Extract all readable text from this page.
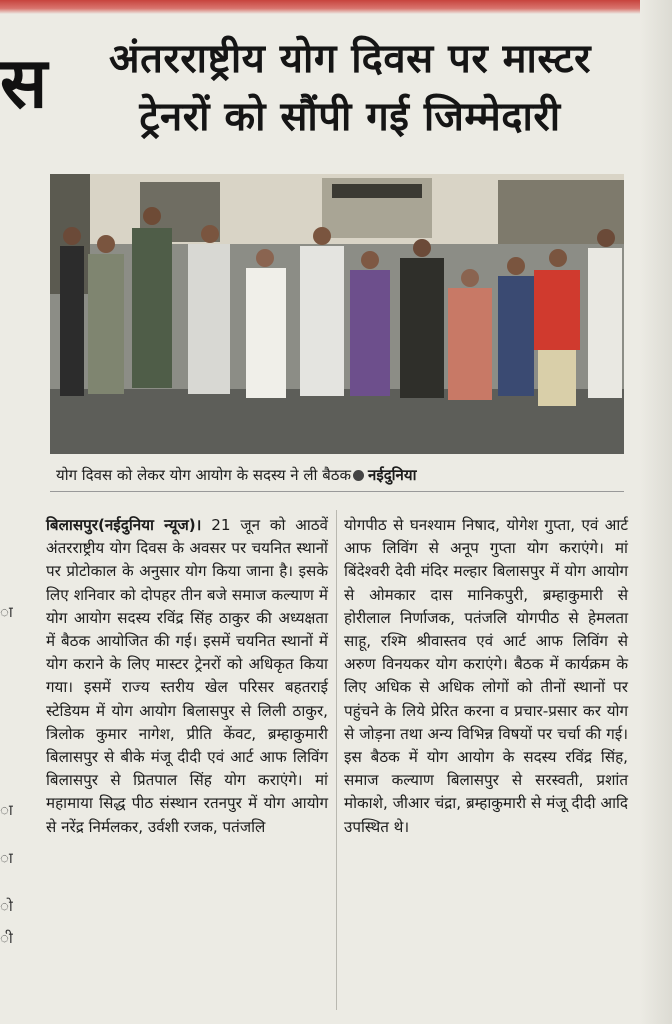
स
ा
ा
ा
ो
ी
अंतरराष्ट्रीय योग दिवस पर मास्टर
ट्रेनरों को सौंपी गई जिम्मेदारी
योग दिवस को लेकर योग आयोग के सदस्य ने ली बैठक नईदुनिया
बिलासपुर(नईदुनिया न्यूज)। 21 जून को आठवें अंतरराष्ट्रीय योग दिवस के अवसर पर चयनित स्थानों पर प्रोटोकाल के अनुसार योग किया जाना है। इसके लिए शनिवार को दोपहर तीन बजे समाज कल्याण में योग आयोग सदस्य रविंद्र सिंह ठाकुर की अध्यक्षता में बैठक आयोजित की गई। इसमें चयनित स्थानों में योग कराने के लिए मास्टर ट्रेनरों को अधिकृत किया गया। इसमें राज्य स्तरीय खेल परिसर बहतराई स्टेडियम में योग आयोग बिलासपुर से लिली ठाकुर, त्रिलोक कुमार नागेश, प्रीति केंवट, ब्रम्हाकुमारी बिलासपुर से बीके मंजू दीदी एवं आर्ट आफ लिविंग बिलासपुर से प्रितपाल सिंह योग कराएंगे। मां महामाया सिद्ध पीठ संस्थान रतनपुर में योग आयोग से नरेंद्र निर्मलकर, उर्वशी रजक, पतंजलि
योगपीठ से घनश्याम निषाद, योगेश गुप्ता, एवं आर्ट आफ लिविंग से अनूप गुप्ता योग कराएंगे। मां बिंदेश्वरी देवी मंदिर मल्हार बिलासपुर में योग आयोग से ओमकार दास मानिकपुरी, ब्रम्हाकुमारी से होरीलाल निर्णाजक, पतंजलि योगपीठ से हेमलता साहू, रश्मि श्रीवास्तव एवं आर्ट आफ लिविंग से अरुण विनयकर योग कराएंगे। बैठक में कार्यक्रम के लिए अधिक से अधिक लोगों को तीनों स्थानों पर पहुंचने के लिये प्रेरित करना व प्रचार-प्रसार कर योग से जोड़ना तथा अन्य विभिन्न विषयों पर चर्चा की गई। इस बैठक में योग आयोग के सदस्य रविंद्र सिंह, समाज कल्याण बिलासपुर से सरस्वती, प्रशांत मोकाशे, जीआर चंद्रा, ब्रम्हाकुमारी से मंजू दीदी आदि उपस्थित थे।
